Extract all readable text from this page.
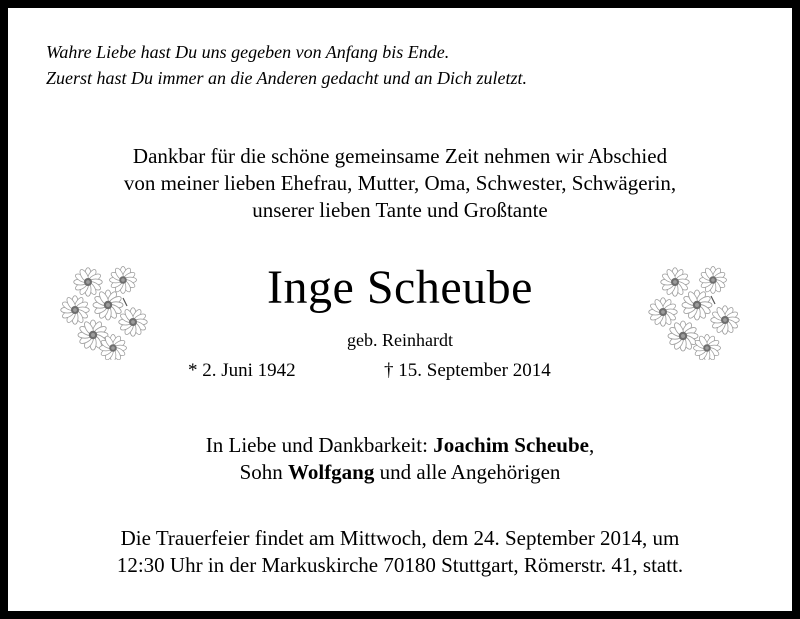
Wahre Liebe hast Du uns gegeben von Anfang bis Ende.
Zuerst hast Du immer an die Anderen gedacht und an Dich zuletzt.
Dankbar für die schöne gemeinsame Zeit nehmen wir Abschied
von meiner lieben Ehefrau, Mutter, Oma, Schwester, Schwägerin,
unserer lieben Tante und Großtante
Inge Scheube
geb. Reinhardt
* 2. Juni 1942	† 15. September 2014
In Liebe und Dankbarkeit: Joachim Scheube,
Sohn Wolfgang und alle Angehörigen
Die Trauerfeier findet am Mittwoch, dem 24. September 2014, um
12:30 Uhr in der Markuskirche 70180 Stuttgart, Römerstr. 41, statt.
